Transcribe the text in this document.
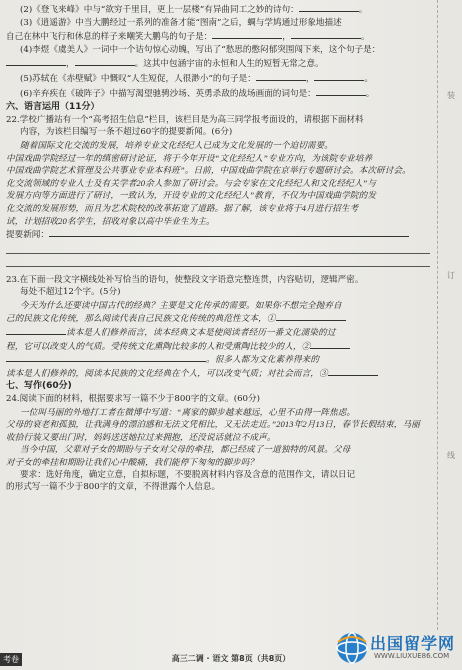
装
订
线
(2)《登飞来峰》中与“欲穷千里目，更上一层楼”有异曲同工之妙的诗句：	。
(3)《逍遥游》中当大鹏经过一系列的准备才能“图南”之后，蜩与学鸠通过形象地描述
自己在林中飞行和休息的样子来嘲笑大鹏鸟的句子是：	，	。
(4)李煜《虞美人》一词中一个诘句惊心动魄，写出了“愁思的憋闷郁突围闯下来，这个句子是：
，	。这其中包涵宇宙的永恒和人生的短暂无常之意。
(5)苏轼在《赤壁赋》中慨叹“人生短促，人很渺小”的句子是：	，	。
(6)辛弃疾在《破阵子》中描写渴望驰骋沙场、英勇杀敌的战场画面的词句是：	。
六、语言运用（11分）
22.学校广播站有一个“高考招生信息”栏目，该栏目是为高三同学报考面设的，请根据下面材料
内容，为该栏目编写一条不超过60字的提要新闻。(6分)
随着国际文化交流的发展，培养专业文化经纪人已成为文化发展的一个迫切需要。
中国戏曲学院经过一年的缜密研讨论证，将于今年开设“文化经纪人”专业方向，为该院专业培养
中国戏曲学院艺术管理及公共事业专业本科班”。日前，中国戏曲学院在京举行专题研讨会。本次研讨会。
化交流领域的专业人士及有关学者20余人参加了研讨会。与会专家在文化经纪人和文化经纪人”与
发展方向等方面进行了研讨，一致认为，开设专业的文化经纪人”教育，不仅为中国戏曲学院的发
化交流的发展形势，而且为艺术院校的改革拓宽了道路。据了解，该专业将于4月进行招生考
试，计划招收20名学生，招收对象以高中毕业生为主。
提要新闻：
23.在下面一段文字横线处补写恰当的语句，使整段文字语意完整连贯，内容贴切，逻辑严密。
每处不超过12个字。(5分)
今天为什么还要读中国古代的经典？主要是文化传承的需要。如果你不想完全抛弃自
己的民族文化传统，那么阅读代表自己民族文化传统的典范性文本，①
读本是人们修养而言，读本经典文本是使阅读者经历一番文化濡染的过
程，它可以改变人的气质。受传统文化熏陶比较多的人和受熏陶比较少的人，②
。很多人都为文化素养得来的
读本是人们修养的，阅读本民族的文化经典在个人，可以改变气质；对社会而言，③
七、写作(60分)
24.阅读下面的材料，根据要求写一篇不少于800字的文章。(60分)
一位叫马丽的外地打工者在微博中写道：“离家的脚步越来越远，心里不由得一阵焦虑。
父母的衰老和孤独，让我满身的漂泊感和无法文凭相比，又无法走近。”2013年2月13日，春节长假结束，马丽
收拾行装又要出门时，妈妈送送她拉过来拥抱，还没说话就泣不成声。
当今中国，父辈对子女的期盼与子女对父母的牵挂，都已经成了一道独特的风景。父母
对子女的牵挂和期盼让我们心中酸痛，我们能停下匆匆的脚步吗？
要求：选好角度，确定立意，自拟标题，不要脱离材料内容及含意的范围作文，请以日记
的形式写一篇不少于800字的文章，不得泄露个人信息。
考卷	高三二调 · 语文 第8页（共8页）
出国留学网
WWW.LIUXUE86.COM
